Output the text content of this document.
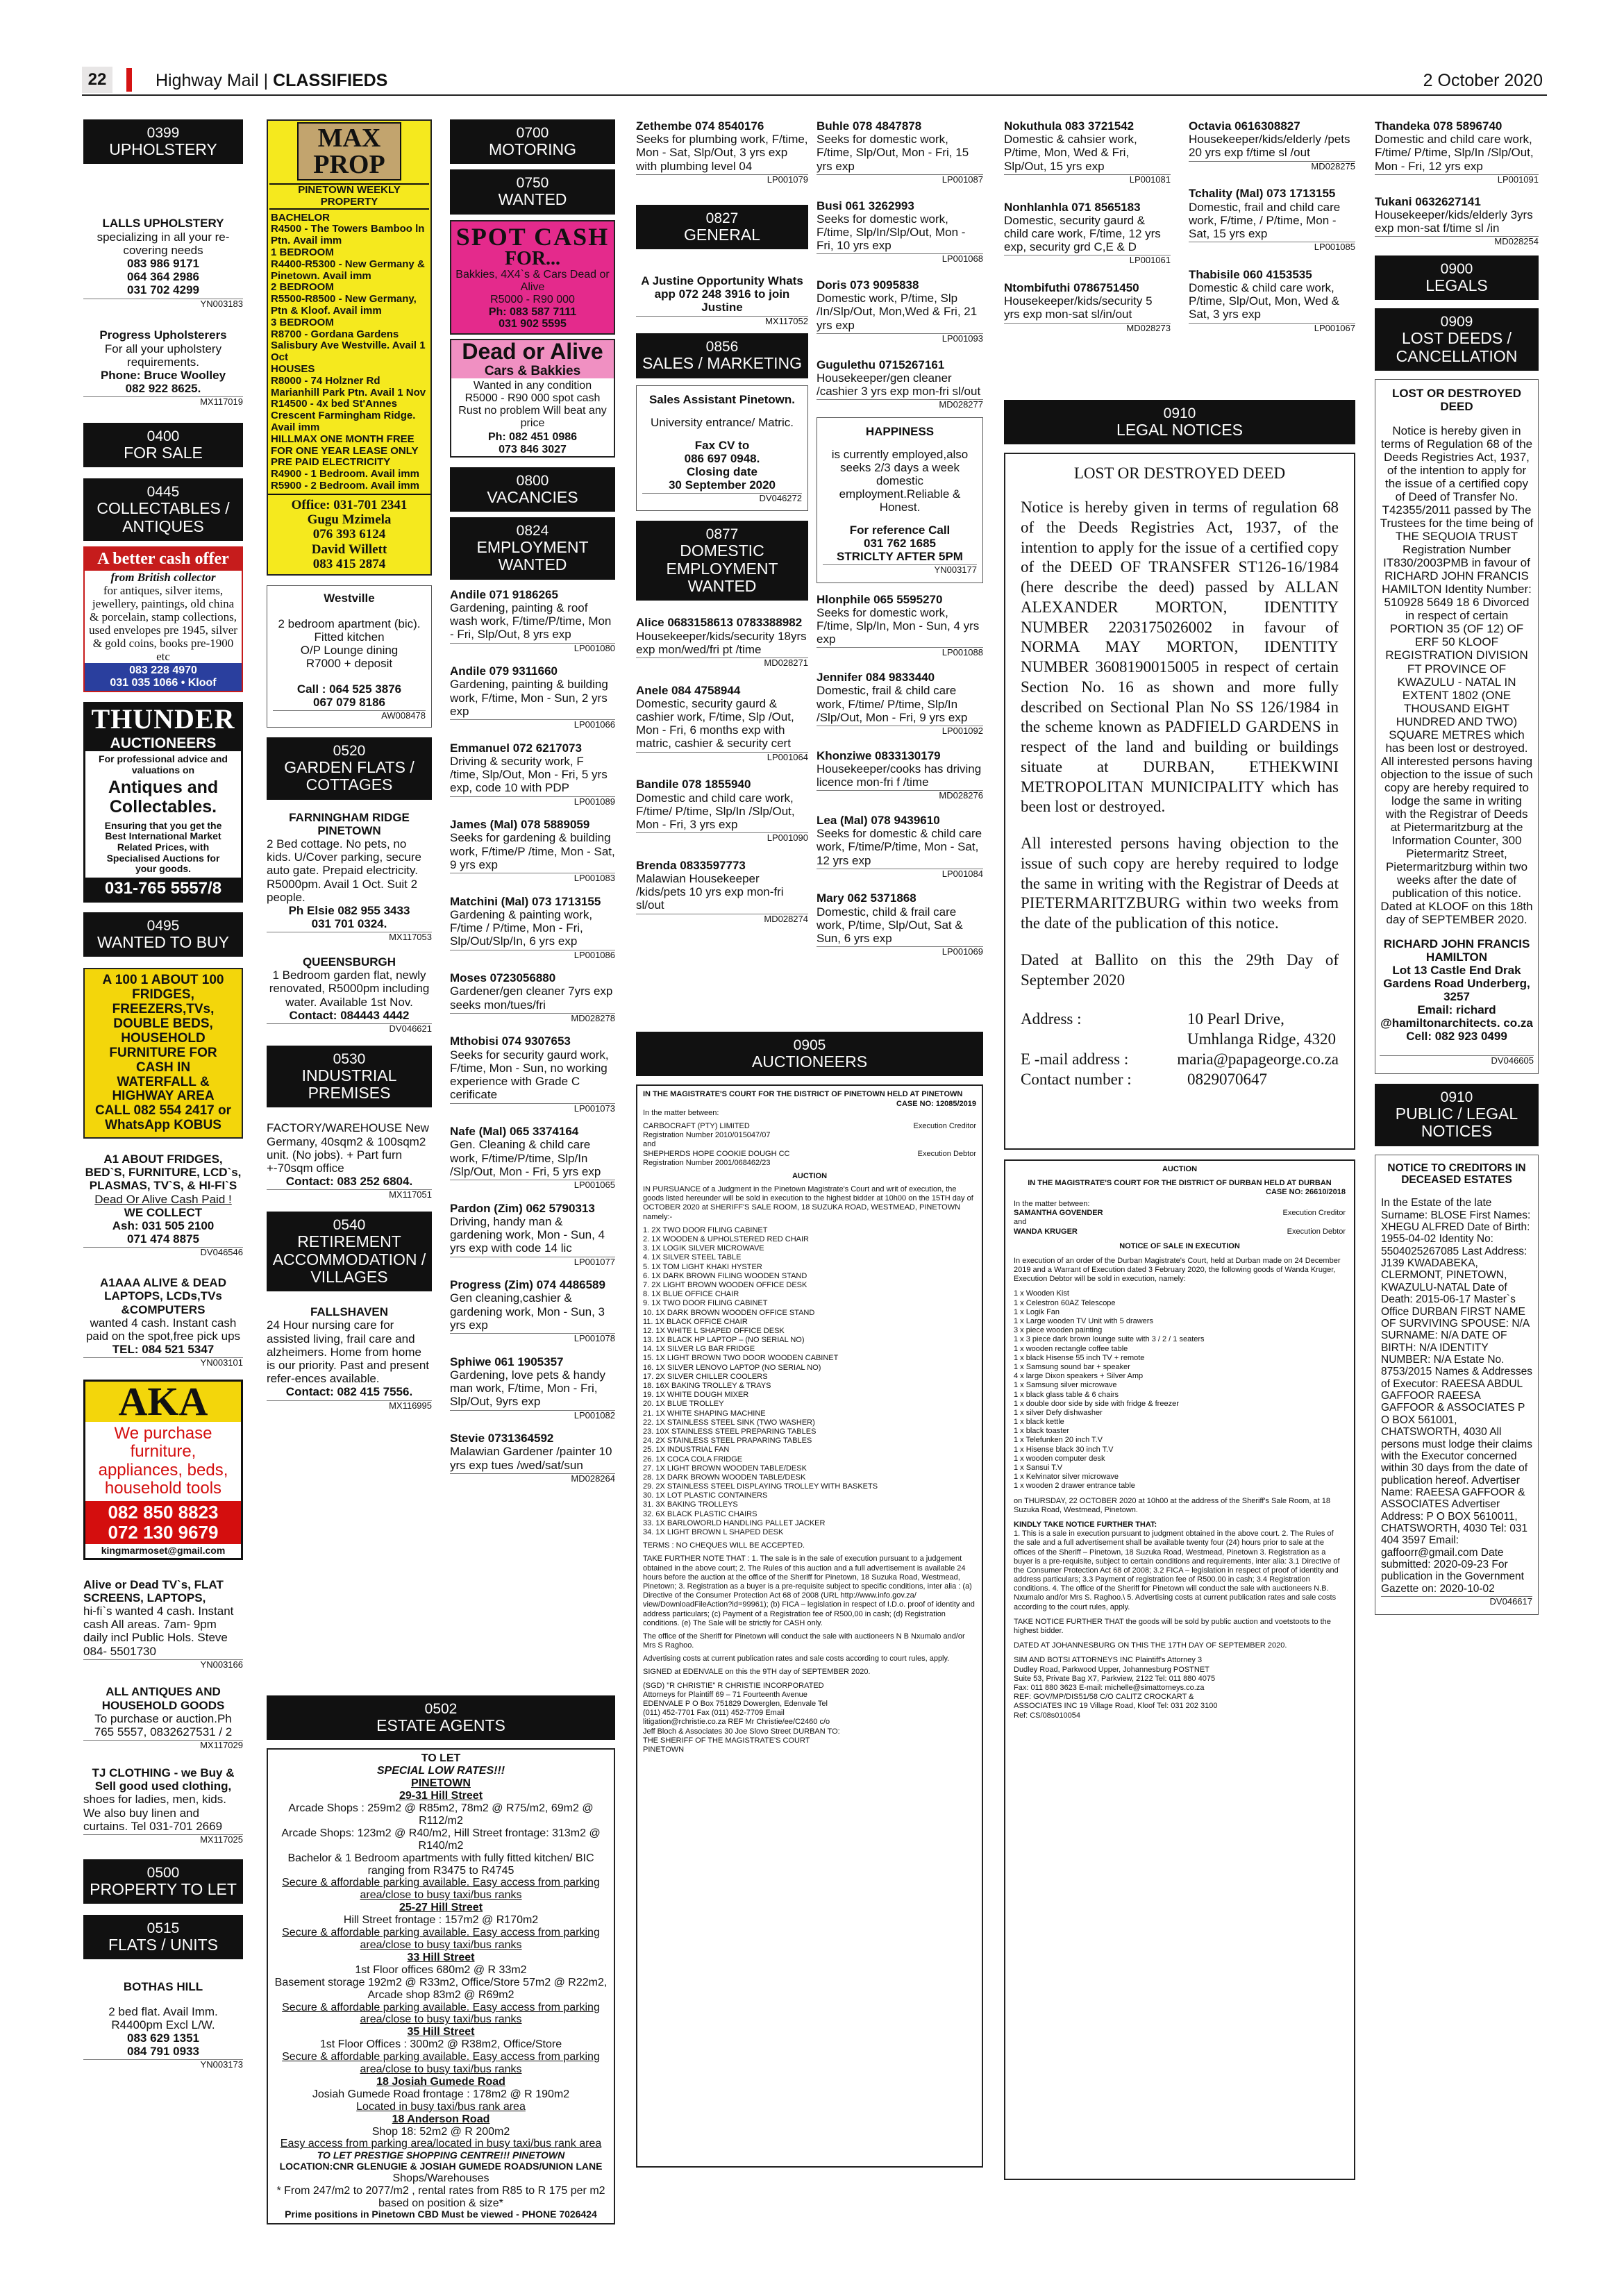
22	Highway Mail | CLASSIFIEDS	2 October 2020
0399
UPHOLSTERY

LALLS UPHOLSTERY

specializing in all your re-covering needs

083 986 9171

064 364 2986

031 702 4299

YN003183

Progress Upholsterers

For all your upholstery requirements.

Phone: Bruce Woolley

082 922 8625.

MX117019
0400
FOR SALE
0445
COLLECTABLES / ANTIQUES
A better cash offer

from British collector

for antiques, silver items, jewellery, paintings, old china & porcelain, stamp collections, used envelopes pre 1945, silver & gold coins, books pre-1900 etc

083 228 4970

031 035 1066 • Kloof

THUNDER
AUCTIONEERS

For professional advice and valuations on

Antiques and Collectables.

Ensuring that you get the Best International Market Related Prices, with Specialised Auctions for your goods.

031-765 5557/8
0495
WANTED TO BUY
A 100 1 ABOUT 100 FRIDGES, FREEZERS,TVs, DOUBLE BEDS, HOUSEHOLD FURNITURE FOR CASH IN WATERFALL & HIGHWAY AREA CALL 082 554 2417 or WhatsApp KOBUS

A1 ABOUT FRIDGES, BED`S, FURNITURE, LCD`s, PLASMAS, TV`S, & HI-FI`S

Dead Or Alive Cash Paid !

WE COLLECT

Ash: 031 505 2100

071 474 8875

DV046546

A1AAA ALIVE & DEAD LAPTOPS, LCDs,TVs &COMPUTERS

wanted 4 cash. Instant cash paid on the spot,free pick ups

TEL: 084 521 5347

YN003101
AKA

We purchase furniture, appliances, beds, household tools

082 850 8823

072 130 9679

kingmarmoset@gmail.com

Alive or Dead TV`s, FLAT SCREENS, LAPTOPS,

hi-fi`s wanted 4 cash. Instant cash All areas. 7am- 9pm daily incl Public Hols. Steve 084- 5501730

YN003166

ALL ANTIQUES AND HOUSEHOLD GOODS

To purchase or auction.Ph 765 5557, 0832627531 / 2

MX117029

TJ CLOTHING - we Buy & Sell good used clothing,

shoes for ladies, men, kids. We also buy linen and curtains. Tel 031-701 2669

MX117025
0500
PROPERTY TO LET
0515
FLATS / UNITS

BOTHAS HILL

2 bed flat. Avail Imm. R4400pm Excl L/W.

083 629 1351

084 791 0933

YN003173
MAX PROP
PINETOWN WEEKLY PROPERTY

BACHELOR

R4500 - The Towers Bamboo ln Ptn. Avail imm

1 BEDROOM

R4400-R5300 - New Germany & Pinetown. Avail imm

2 BEDROOM

R5500-R8500 - New Germany, Ptn & Kloof. Avail imm

3 BEDROOM

R8700 - Gordana Gardens Salisbury Ave Westville. Avail 1 Oct

HOUSES

R8000 - 74 Holzner Rd Marianhill Park Ptn. Avail 1 Nov

R14500 - 4x bed St'Annes Crescent Farmingham Ridge. Avail imm

HILLMAX ONE MONTH FREE FOR ONE YEAR LEASE ONLY PRE PAID ELECTRICITY

R4900 - 1 Bedroom. Avail imm

R5900 - 2 Bedroom. Avail imm

Office: 031-701 2341

Gugu Mzimela

076 393 6124

David Willett

083 415 2874

Westville

2 bedroom apartment (bic).

Fitted kitchen

O/P Lounge dining

R7000 + deposit

Call : 064 525 3876

067 079 8186

AW008478
0520
GARDEN FLATS / COTTAGES

FARNINGHAM RIDGE PINETOWN

2 Bed cottage. No pets, no kids. U/Cover parking, secure auto gate. Prepaid electricity. R5000pm. Avail 1 Oct. Suit 2 people.

Ph Elsie 082 955 3433

031 701 0324.

MX117053

QUEENSBURGH

1 Bedroom garden flat, newly renovated, R5000pm including water. Available 1st Nov.

Contact: 084443 4442

DV046621
0530
INDUSTRIAL PREMISES

FACTORY/WAREHOUSE New Germany, 40sqm2 & 100sqm2 unit. (No jobs). + Part furn +-70sqm office

Contact: 083 252 6804.

MX117051
0540
RETIREMENT ACCOMMODATION / VILLAGES

FALLSHAVEN

24 Hour nursing care for assisted living, frail care and alzheimers. Home from home is our priority. Past and present refer-ences available.

Contact: 082 415 7556.

MX116995
0502
ESTATE AGENTS

TO LET

SPECIAL LOW RATES!!!

PINETOWN

29-31 Hill Street

Arcade Shops : 259m2 @ R85m2, 78m2 @ R75/m2, 69m2 @ R112/m2

Arcade Shops: 123m2 @ R40/m2, Hill Street frontage: 313m2 @ R140/m2

Bachelor & 1 Bedroom apartments with fully fitted kitchen/ BIC ranging from R3475 to R4745

Secure & affordable parking available. Easy access from parking area/close to busy taxi/bus ranks

25-27 Hill Street

Hill Street frontage : 157m2 @ R170m2

Secure & affordable parking available. Easy access from parking area/close to busy taxi/bus ranks

33 Hill Street

1st Floor offices 680m2 @ R 33m2

Basement storage 192m2 @ R33m2, Office/Store 57m2 @ R22m2, Arcade shop 83m2 @ R69m2

Secure & affordable parking available. Easy access from parking area/close to busy taxi/bus ranks

35 Hill Street

1st Floor Offices : 300m2 @ R38m2, Office/Store

Secure & affordable parking available. Easy access from parking area/close to busy taxi/bus ranks

18 Josiah Gumede Road

Josiah Gumede Road frontage : 178m2 @ R 190m2

Located in busy taxi/bus rank area

18 Anderson Road

Shop 18: 52m2 @ R 200m2

Easy access from parking area/located in busy taxi/bus rank area

TO LET PRESTIGE SHOPPING CENTRE!!! PINETOWN

LOCATION:CNR GLENUGIE & JOSIAH GUMEDE ROADS/UNION LANE

Shops/Warehouses

* From 247/m2 to 2077/m2 , rental rates from R85 to R 175 per m2 based on position & size*

Prime positions in Pinetown CBD Must be viewed - PHONE 7026424

0700
MOTORING
0750
WANTED

SPOT CASH

FOR...

Bakkies, 4X4`s & Cars Dead or Alive

R5000 - R90 000

Ph: 083 587 7111

031 902 5595

Dead or Alive
Cars & Bakkies

Wanted in any condition R5000 - R90 000 spot cash Rust no problem Will beat any price

Ph: 082 451 0986

073 846 3027

0800
VACANCIES
0824
EMPLOYMENT WANTED

Andile 071 9186265

Gardening, painting & roof wash work, F/time/P/time, Mon - Fri, Slp/Out, 8 yrs exp

LP001080

Andile 079 9311660

Gardening, painting & building work, F/time, Mon - Sun, 2 yrs exp

LP001066

Emmanuel 072 6217073

Driving & security work, F /time, Slp/Out, Mon - Fri, 5 yrs exp, code 10 with PDP

LP001089

James (Mal) 078 5889059

Seeks for gardening & building work, F/time/P /time, Mon - Sat, 9 yrs exp

LP001083

Matchini (Mal) 073 1713155

Gardening & painting work, F/time / P/time, Mon - Fri, Slp/Out/Slp/In, 6 yrs exp

LP001086

Moses 0723056880

Gardener/gen cleaner 7yrs exp seeks mon/tues/fri

MD028278

Mthobisi 074 9307653

Seeks for security gaurd work, F/time, Mon - Sun, no working experience with Grade C cerificate

LP001073

Nafe (Mal) 065 3374164

Gen. Cleaning & child care work, F/time/P/time, Slp/In /Slp/Out, Mon - Fri, 5 yrs exp

LP001065

Pardon (Zim) 062 5790313

Driving, handy man & gardening work, Mon - Sun, 4 yrs exp with code 14 lic

LP001077

Progress (Zim) 074 4486589

Gen cleaning,cashier & gardening work, Mon - Sun, 3 yrs exp

LP001078

Sphiwe 061 1905357

Gardening, love pets & handy man work, F/time, Mon - Fri, Slp/Out, 9yrs exp

LP001082

Stevie 0731364592

Malawian Gardener /painter 10 yrs exp tues /wed/sat/sun

MD028264

Zethembe 074 8540176

Seeks for plumbing work, F/time, Mon - Sat, Slp/Out, 3 yrs exp with plumbing level 04

LP001079
0827
GENERAL

A Justine Opportunity Whats app 072 248 3916 to join Justine

MX117052
0856
SALES / MARKETING

Sales Assistant Pinetown.

University entrance/ Matric.

Fax CV to

086 697 0948.

Closing date

30 September 2020

DV046272
0877
DOMESTIC EMPLOYMENT WANTED

Alice 0683158613 0783388982

Housekeeper/kids/security 18yrs exp mon/wed/fri pt /time

MD028271

Anele 084 4758944

Domestic, security gaurd & cashier work, F/time, Slp /Out, Mon - Fri, 6 months exp with matric, cashier & security cert

LP001064

Bandile 078 1855940

Domestic and child care work, F/time/ P/time, Slp/In /Slp/Out, Mon - Fri, 3 yrs exp

LP001090

Brenda 0833597773

Malawian Housekeeper /kids/pets 10 yrs exp mon-fri sl/out

MD028274

Buhle 078 4847878

Seeks for domestic work, F/time, Slp/Out, Mon - Fri, 15 yrs exp

LP001087

Busi 061 3262993

Seeks for domestic work, F/time, Slp/In/Slp/Out, Mon - Fri, 10 yrs exp

LP001068

Doris 073 9095838

Domestic work, P/time, Slp /In/Slp/Out, Mon,Wed & Fri, 21 yrs exp

LP001093

Gugulethu 0715267161

Housekeeper/gen cleaner /cashier 3 yrs exp mon-fri sl/out

MD028277

HAPPINESS

is currently employed,also seeks 2/3 days a week domestic employment.Reliable & Honest.

For reference Call

031 762 1685

STRICLTY AFTER 5PM

YN003177

Hlonphile 065 5595270

Seeks for domestic work, F/time, Slp/In, Mon - Sun, 4 yrs exp

LP001088

Jennifer 084 9833440

Domestic, frail & child care work, F/time/ P/time, Slp/In /Slp/Out, Mon - Fri, 9 yrs exp

LP001092

Khonziwe 0833130179

Housekeeper/cooks has driving licence mon-fri f /time

MD028276

Lea (Mal) 078 9439610

Seeks for domestic & child care work, F/time/P/time, Mon - Sat, 12 yrs exp

LP001084

Mary 062 5371868

Domestic, child & frail care work, P/time, Slp/Out, Sat & Sun, 6 yrs exp

LP001069
0905
AUCTIONEERS

IN THE MAGISTRATE'S COURT FOR THE DISTRICT OF PINETOWN HELD AT PINETOWN

CASE NO: 12085/2019

In the matter between:

CARBOCRAFT (PTY) LIMITED

Registration Number 2010/015047/07

Execution Creditor

and

SHEPHERDS HOPE COOKIE DOUGH CC

Registration Number 2001/068462/23

Execution Debtor

AUCTION

IN PURSUANCE of a Judgment in the Pinetown Magistrate's Court and writ of execution, the goods listed hereunder will be sold in execution to the highest bidder at 10h00 on the 15TH day of OCTOBER 2020 at SHERIFF'S SALE ROOM, 18 SUZUKA ROAD, WESTMEAD, PINETOWN namely:-

1. 2X TWO DOOR FILING CABINET

2. 1X WOODEN & UPHOLSTERED RED CHAIR

3. 1X LOGIK SILVER MICROWAVE

4. 1X SILVER STEEL TABLE

5. 1X TOM LIGHT KHAKI HYSTER

6. 1X DARK BROWN FILING WOODEN STAND

7. 2X LIGHT BROWN WOODEN OFFICE DESK

8. 1X BLUE OFFICE CHAIR

9. 1X TWO DOOR FILING CABINET

10. 1X DARK BROWN WOODEN OFFICE STAND

11. 1X BLACK OFFICE CHAIR

12. 1X WHITE L SHAPED OFFICE DESK

13. 1X BLACK HP LAPTOP – (NO SERIAL NO)

14. 1X SILVER LG BAR FRIDGE

15. 1X LIGHT BROWN TWO DOOR WOODEN CABINET

16. 1X SILVER LENOVO LAPTOP (NO SERIAL NO)

17. 2X SILVER CHILLER COOLERS

18. 16X BAKING TROLLEY & TRAYS

19. 1X WHITE DOUGH MIXER

20. 1X BLUE TROLLEY

21. 1X WHITE SHAPING MACHINE

22. 1X STAINLESS STEEL SINK (TWO WASHER)

23. 10X STAINLESS STEEL PREPARING TABLES

24. 2X STAINLESS STEEL PRAPARING TABLES

25. 1X INDUSTRIAL FAN

26. 1X COCA COLA FRIDGE

27. 1X LIGHT BROWN WOODEN TABLE/DESK

28. 1X DARK BROWN WOODEN TABLE/DESK

29. 2X STAINLESS STEEL DISPLAYING TROLLEY WITH BASKETS

30. 1X LOT PLASTIC CONTAINERS

31. 3X BAKING TROLLEYS

32. 6X BLACK PLASTIC CHAIRS

33. 1X BARLOWORLD HANDLING PALLET JACKER

34. 1X LIGHT BROWN L SHAPED DESK

TERMS : NO CHEQUES WILL BE ACCEPTED.

TAKE FURTHER NOTE THAT : 1. The sale is in the sale of execution pursuant to a judgement obtained in the above court; 2. The Rules of this auction and a full advertisement is available 24 hours before the auction at the office of the Sheriff for Pinetown, 18 Suzuka Road, Westmead, Pinetown; 3. Registration as a buyer is a pre-requisite subject to specific conditions, inter alia : (a) Directive of the Consumer Protection Act 68 of 2008 (URL http://www.info.gov.za/ view/DownloadFileAction?id=99961); (b) FICA – legislation in respect of I.D.o. proof of identity and address particulars; (c) Payment of a Registration fee of R500,00 in cash; (d) Registration conditions. (e) The Sale will be strictly for CASH only.

The office of the Sheriff for Pinetown will conduct the sale with auctioneers N B Nxumalo and/or Mrs S Raghoo.

Advertising costs at current publication rates and sale costs according to court rules, apply.

SIGNED at EDENVALE on this the 9TH day of SEPTEMBER 2020.

(SGD) "R CHRISTIE" R CHRISTIE INCORPORATED Attorneys for Plaintiff 69 – 71 Fourteenth Avenue EDENVALE P O Box 751829 Dowerglen, Edenvale Tel (011) 452-7701 Fax (011) 452-7709 Email litigation@rchristie.co.za REF Mr Christie/ee/C2460 c/o Jeff Bloch & Associates 30 Joe Slovo Street DURBAN TO: THE SHERIFF OF THE MAGISTRATE'S COURT PINETOWN

Nokuthula 083 3721542

Domestic & cahsier work, P/time, Mon, Wed & Fri, Slp/Out, 15 yrs exp

LP001081

Nonhlanhla 071 8565183

Domestic, security gaurd & child care work, F/time, 12 yrs exp, security grd C,E & D

LP001061

Ntombifuthi 0786751450

Housekeeper/kids/security 5 yrs exp mon-sat sl/in/out

MD028273

Octavia 0616308827

Housekeeper/kids/elderly /pets 20 yrs exp f/time sl /out

MD028275

Tchality (Mal) 073 1713155

Domestic, frail and child care work, F/time, / P/time, Mon - Sat, 15 yrs exp

LP001085

Thabisile 060 4153535

Domestic & child care work, P/time, Slp/Out, Mon, Wed & Sat, 3 yrs exp

LP001067
0910
LEGAL NOTICES

LOST OR DESTROYED DEED

Notice is hereby given in terms of regulation 68 of the Deeds Registries Act, 1937, of the intention to apply for the issue of a certified copy of the DEED OF TRANSFER ST126-16/1984 (here describe the deed) passed by ALLAN ALEXANDER MORTON, IDENTITY NUMBER 2203175026002 in favour of NORMA MAY MORTON, IDENTITY NUMBER 3608190015005 in respect of certain Section No. 16 as shown and more fully described on Sectional Plan No SS 126/1984 in the scheme known as PADFIELD GARDENS in respect of the land and building or buildings situate at DURBAN, ETHEKWINI METROPOLITAN MUNICIPALITY which has been lost or destroyed.

All interested persons having objection to the issue of such copy are hereby required to lodge the same in writing with the Registrar of Deeds at PIETERMARITZBURG within two weeks from the date of the publication of this notice.

Dated at Ballito on this the 29th Day of September 2020

Address :	10 Pearl Drive,
Umhlanga Ridge, 4320
E -mail address :	maria@papageorge.co.za
Contact number :	0829070647

AUCTION

IN THE MAGISTRATE'S COURT FOR THE DISTRICT OF DURBAN HELD AT DURBAN

CASE NO: 26610/2018

In the matter between:

SAMANTHA GOVENDER	Execution Creditor

and

WANDA KRUGER	Execution Debtor

NOTICE OF SALE IN EXECUTION

In execution of an order of the Durban Magistrate's Court, held at Durban made on 24 December 2019 and a Warrant of Execution dated 3 February 2020, the following goods of Wanda Kruger, Execution Debtor will be sold in execution, namely:

1 x Wooden Kist

1 x Celestron 60AZ Telescope

1 x Logik Fan

1 x Large wooden TV Unit with 5 drawers

3 x piece wooden painting

1 x 3 piece dark brown lounge suite with 3 / 2 / 1 seaters

1 x wooden rectangle coffee table

1 x black Hisense 55 inch TV + remote

1 x Samsung sound bar + speaker

4 x large Dixon speakers + Silver Amp

1 x Samsung silver microwave

1 x black glass table & 6 chairs

1 x double door side by side with fridge & freezer

1 x silver Defy dishwasher

1 x black kettle

1 x black toaster

1 x Telefunken 20 inch T.V

1 x Hisense black 30 inch T.V

1 x wooden computer desk

1 x Sansui T.V

1 x Kelvinator silver microwave

1 x wooden 2 drawer entrance table

on THURSDAY, 22 OCTOBER 2020 at 10h00 at the address of the Sheriff's Sale Room, at 18 Suzuka Road, Westmead, Pinetown.

KINDLY TAKE NOTICE FURTHER THAT:

1. This is a sale in execution pursuant to judgment obtained in the above court. 2. The Rules of the sale and a full advertisement shall be available twenty four (24) hours prior to sale at the offices of the Sheriff – Pinetown, 18 Suzuka Road, Westmead, Pinetown 3. Registration as a buyer is a pre-requisite, subject to certain conditions and requirements, inter alia: 3.1 Directive of the Consumer Protection Act 68 of 2008; 3.2 FICA – legislation in respect of proof of identity and address particulars; 3.3 Payment of registration fee of R500.00 in cash; 3.4 Registration conditions. 4. The office of the Sheriff for Pinetown will conduct the sale with auctioneers N.B. Nxumalo and/or Mrs S. Raghoo.\ 5. Advertising costs at current publication rates and sale costs according to the court rules, apply.

TAKE NOTICE FURTHER THAT the goods will be sold by public auction and voetstoots to the highest bidder.

DATED AT JOHANNESBURG ON THIS THE 17TH DAY OF SEPTEMBER 2020.

SIM AND BOTSI ATTORNEYS INC Plaintiff's Attorney 3 Dudley Road, Parkwood Upper, Johannesburg POSTNET Suite 53, Private Bag X7, Parkview, 2122 Tel: 011 880 4075 Fax: 011 880 3623 E-mail: michelle@simattorneys.co.za REF: GOV/MP/DIS51/58 C/O CALITZ CROCKART & ASSOCIATES INC 19 Village Road, Kloof Tel: 031 202 3100 Ref: CS/08s010054

Thandeka 078 5896740

Domestic and child care work, F/time/ P/time, Slp/In /Slp/Out, Mon - Fri, 12 yrs exp

LP001091

Tukani 0632627141

Housekeeper/kids/elderly 3yrs exp mon-sat f/time sl /in

MD028254
0900
LEGALS
0909
LOST DEEDS / CANCELLATION

LOST OR DESTROYED DEED

Notice is hereby given in terms of Regulation 68 of the Deeds Registries Act, 1937, of the intention to apply for the issue of a certified copy of Deed of Transfer No. T42355/2011 passed by The Trustees for the time being of THE SEQUOIA TRUST Registration Number IT830/2003PMB in favour of RICHARD JOHN FRANCIS HAMILTON Identity Number: 510928 5649 18 6 Divorced in respect of certain PORTION 35 (OF 12) OF ERF 50 KLOOF REGISTRATION DIVISION FT PROVINCE OF KWAZULU - NATAL IN EXTENT 1802 (ONE THOUSAND EIGHT HUNDRED AND TWO) SQUARE METRES which has been lost or destroyed. All interested persons having objection to the issue of such copy are hereby required to lodge the same in writing with the Registrar of Deeds at Pietermaritzburg at the Information Counter, 300 Pietermaritz Street, Pietermaritzburg within two weeks after the date of publication of this notice. Dated at KLOOF on this 18th day of SEPTEMBER 2020.

RICHARD JOHN FRANCIS HAMILTON

Lot 13 Castle End Drak Gardens Road Underberg, 3257

Email: richard @hamiltonarchitects. co.za

Cell: 082 923 0499

DV046605
0910
PUBLIC / LEGAL NOTICES

NOTICE TO CREDITORS IN DECEASED ESTATES

In the Estate of the late Surname: BLOSE First Names: XHEGU ALFRED Date of Birth: 1955-04-02 Identity No: 5504025267085 Last Address: J139 KWADABEKA, CLERMONT, PINETOWN, KWAZULU-NATAL Date of Death: 2015-06-17 Master`s Office DURBAN FIRST NAME OF SURVIVING SPOUSE: N/A SURNAME: N/A DATE OF BIRTH: N/A IDENTITY NUMBER: N/A Estate No. 8753/2015 Names & Addresses of Executor: RAEESA ABDUL GAFFOOR RAEESA GAFFOOR & ASSOCIATES P O BOX 561001, CHATSWORTH, 4030 All persons must lodge their claims with the Executor concerned within 30 days from the date of publication hereof. Advertiser Name: RAEESA GAFFOOR & ASSOCIATES Advertiser Address: P O BOX 5610011, CHATSWORTH, 4030 Tel: 031 404 3597 Email: gaffoorr@gmail.com Date submitted: 2020-09-23 For publication in the Government Gazette on: 2020-10-02

DV046617
